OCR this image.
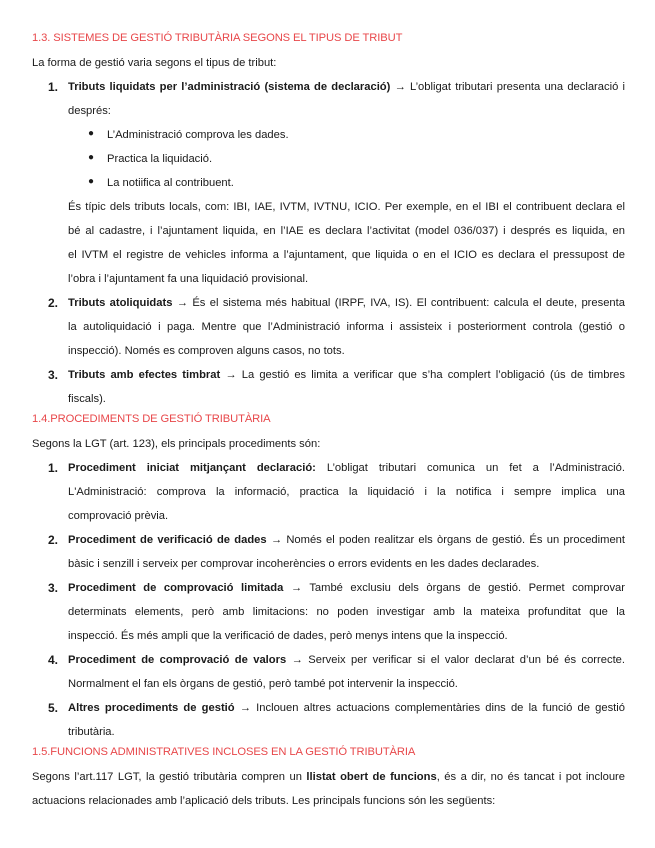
1.3. SISTEMES DE GESTIÓ TRIBUTÀRIA SEGONS EL TIPUS DE TRIBUT
La forma de gestió varia segons el tipus de tribut:
1. Tributs liquidats per l’administració (sistema de declaració) → L’obligat tributari presenta una declaració i
després:
● L’Administració comprova les dades.
● Practica la liquidació.
● La notiifica al contribuent.
És típic dels tributs locals, com: IBI, IAE, IVTM, IVTNU, ICIO. Per exemple, en el IBI el contribuent declara el
bé al cadastre, i l’ajuntament liquida, en l’IAE es declara l’activitat (model 036/037) i després es liquida, en
el IVTM el registre de vehicles informa a l’ajuntament, que liquida o en el ICIO es declara el pressupost de
l’obra i l’ajuntament fa una liquidació provisional.
2. Tributs atoliquidats → És el sistema més habitual (IRPF, IVA, IS). El contribuent: calcula el deute, presenta
la autoliquidació i paga. Mentre que l’Administració informa i assisteix i posteriorment controla (gestió o
inspecció). Només es comproven alguns casos, no tots.
3. Tributs amb efectes timbrat → La gestió es limita a verificar que s’ha complert l’obligació (ús de timbres
fiscals).
1.4.PROCEDIMENTS DE GESTIÓ TRIBUTÀRIA
Segons la LGT (art. 123), els principals procediments són:
1. Procediment iniciat mitjançant declaració: L’obligat tributari comunica un fet a l’Administració.
L'Administració: comprova la informació, practica la liquidació i la notifica i sempre implica una
comprovació prèvia.
2. Procediment de verificació de dades → Només el poden realitzar els òrgans de gestió. És un procediment
bàsic i senzill i serveix per comprovar incoherències o errors evidents en les dades declarades.
3. Procediment de comprovació limitada → També exclusiu dels òrgans de gestió. Permet comprovar
determinats elements, però amb limitacions: no poden investigar amb la mateixa profunditat que la
inspecció. És més ampli que la verificació de dades, però menys intens que la inspecció.
4. Procediment de comprovació de valors → Serveix per verificar si el valor declarat d’un bé és correcte.
Normalment el fan els òrgans de gestió, però també pot intervenir la inspecció.
5. Altres procediments de gestió → Inclouen altres actuacions complementàries dins de la funció de gestió
tributària.
1.5.FUNCIONS ADMINISTRATIVES INCLOSES EN LA GESTIÓ TRIBUTÀRIA
Segons l’art.117 LGT, la gestió tributària compren un llistat obert de funcions, és a dir, no és tancat i pot incloure
actuacions relacionades amb l’aplicació dels tributs. Les principals funcions són les següents:
